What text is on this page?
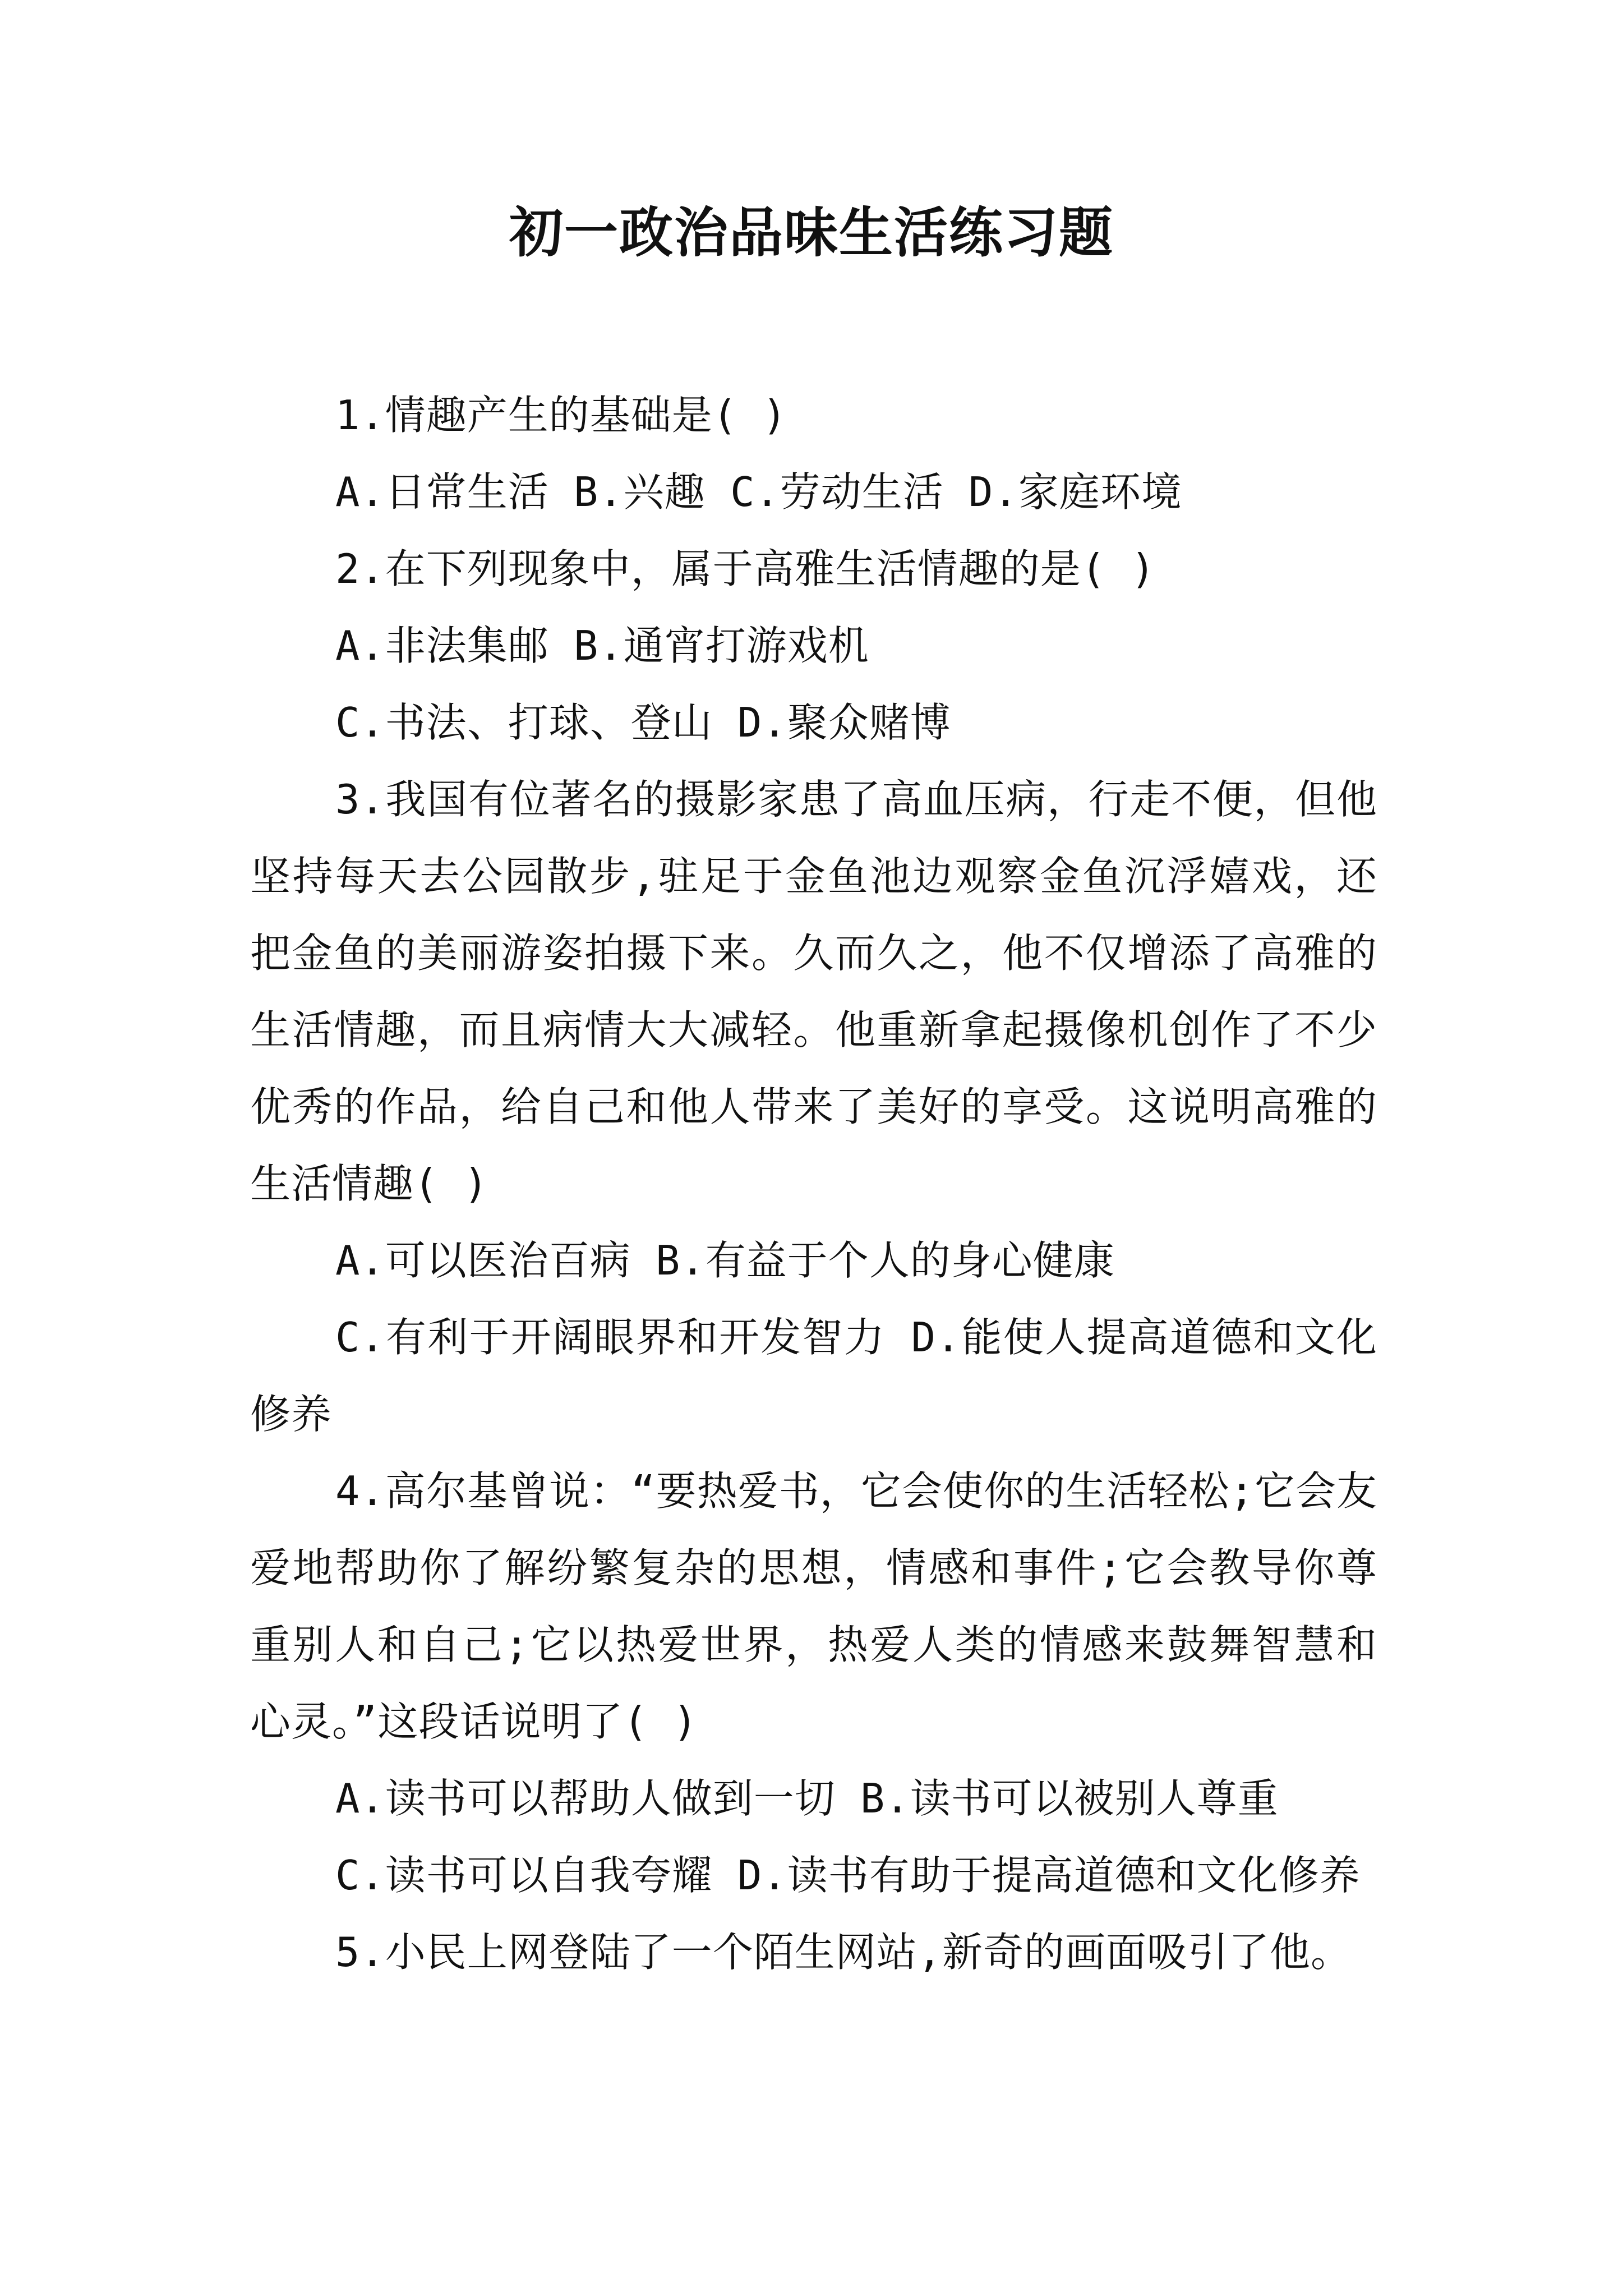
初一政治品味生活练习题

1.情趣产生的基础是( )

A.日常生活 B.兴趣 C.劳动生活 D.家庭环境

2.在下列现象中，属于高雅生活情趣的是( )

A.非法集邮 B.通宵打游戏机

C.书法、打球、登山 D.聚众赌博

3.我国有位著名的摄影家患了高血压病，行走不便，但他坚持每天去公园散步,驻足于金鱼池边观察金鱼沉浮嬉戏，还把金鱼的美丽游姿拍摄下来。久而久之，他不仅增添了高雅的生活情趣，而且病情大大减轻。他重新拿起摄像机创作了不少优秀的作品，给自己和他人带来了美好的享受。这说明高雅的生活情趣( )

A.可以医治百病 B.有益于个人的身心健康

C.有利于开阔眼界和开发智力 D.能使人提高道德和文化修养

4.高尔基曾说：“要热爱书，它会使你的生活轻松;它会友爱地帮助你了解纷繁复杂的思想，情感和事件;它会教导你尊重别人和自己;它以热爱世界，热爱人类的情感来鼓舞智慧和心灵。”这段话说明了( )

A.读书可以帮助人做到一切 B.读书可以被别人尊重

C.读书可以自我夸耀 D.读书有助于提高道德和文化修养

5.小民上网登陆了一个陌生网站,新奇的画面吸引了他。
